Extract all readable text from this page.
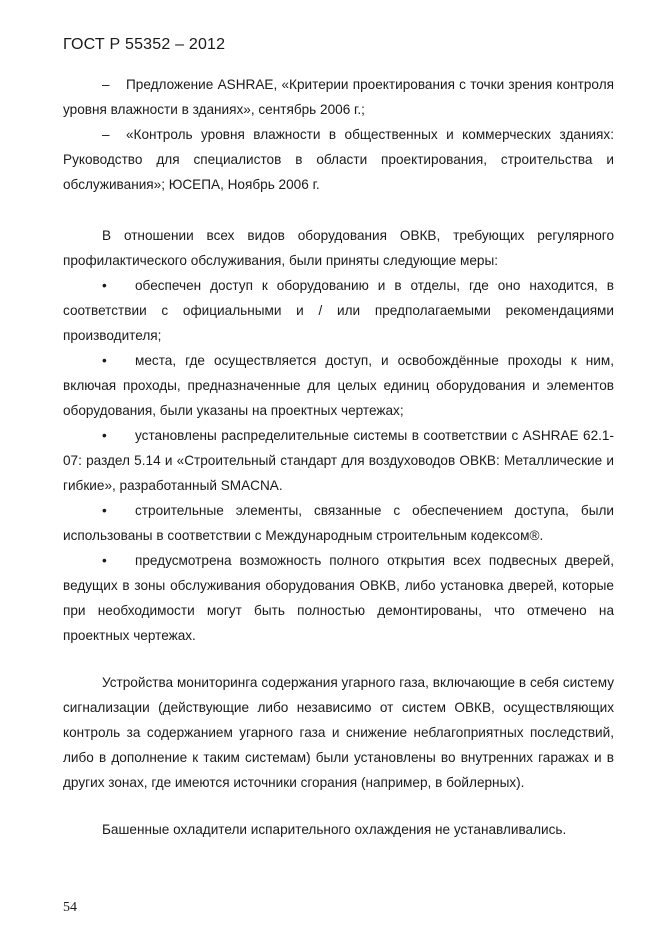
ГОСТ Р 55352 – 2012

– Предложение ASHRAE, «Критерии проектирования с точки зрения контроля уровня влажности в зданиях», сентябрь 2006 г.;

– «Контроль уровня влажности в общественных и коммерческих зданиях: Руководство для специалистов в области проектирования, строительства и обслуживания»; ЮСЕПА, Ноябрь 2006 г.

В отношении всех видов оборудования ОВКВ, требующих регулярного профилактического обслуживания, были приняты следующие меры:

• обеспечен доступ к оборудованию и в отделы, где оно находится, в соответствии с официальными и / или предполагаемыми рекомендациями производителя;

• места, где осуществляется доступ, и освобождённые проходы к ним, включая проходы, предназначенные для целых единиц оборудования и элементов оборудования, были указаны на проектных чертежах;

• установлены распределительные системы в соответствии с ASHRAE 62.1-07: раздел 5.14 и «Строительный стандарт для воздуховодов ОВКВ: Металлические и гибкие», разработанный SMACNA.

• строительные элементы, связанные с обеспечением доступа, были использованы в соответствии с Международным строительным кодексом®.

• предусмотрена возможность полного открытия всех подвесных дверей, ведущих в зоны обслуживания оборудования ОВКВ, либо установка дверей, которые при необходимости могут быть полностью демонтированы, что отмечено на проектных чертежах.

Устройства мониторинга содержания угарного газа, включающие в себя систему сигнализации (действующие либо независимо от систем ОВКВ, осуществляющих контроль за содержанием угарного газа и снижение неблагоприятных последствий, либо в дополнение к таким системам) были установлены во внутренних гаражах и в других зонах, где имеются источники сгорания (например, в бойлерных).

Башенные охладители испарительного охлаждения не устанавливались.

54
